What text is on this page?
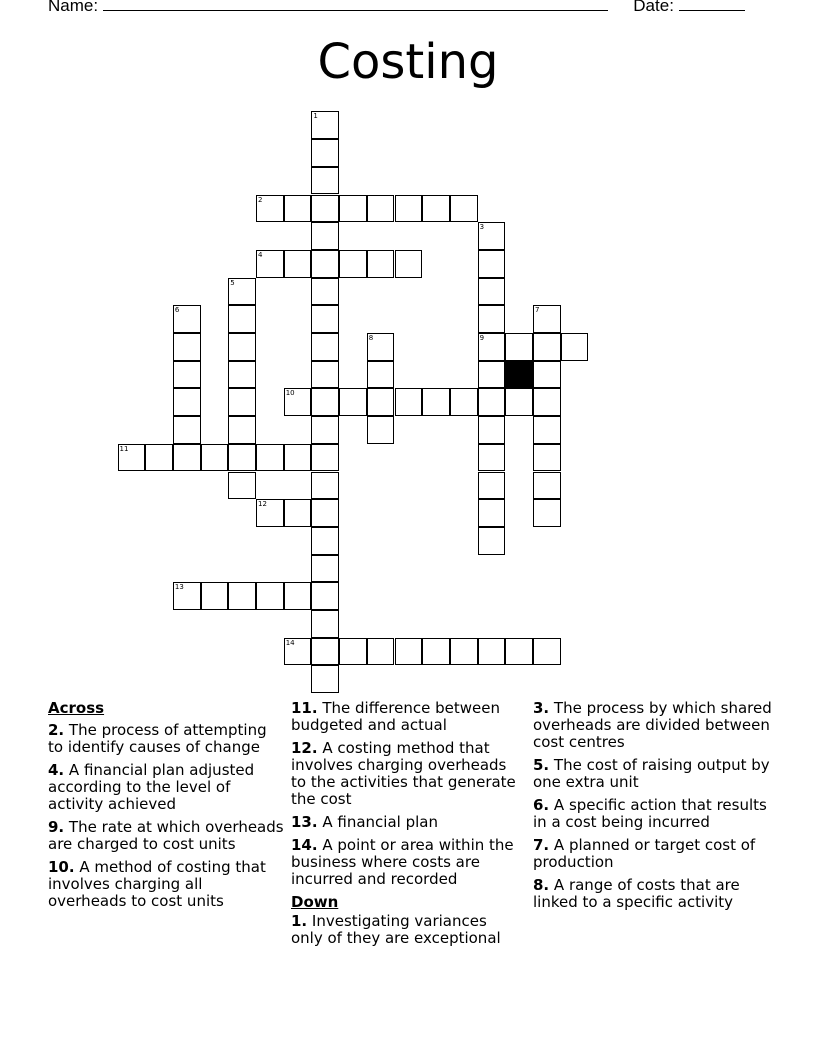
Name:	Date:
Costing
1
2
3
9
4
5
6	7
8
10
11
12
13
14
Across
2. The process of attempting to identify causes of change
4. A financial plan adjusted according to the level of activity achieved
9. The rate at which overheads are charged to cost units
10. A method of costing that involves charging all overheads to cost units
11. The difference between budgeted and actual
12. A costing method that involves charging overheads to the activities that generate the cost
13. A financial plan
14. A point or area within the business where costs are incurred and recorded
Down
1. Investigating variances only of they are exceptional
3. The process by which shared overheads are divided between cost centres
5. The cost of raising output by one extra unit
6. A specific action that results in a cost being incurred
7. A planned or target cost of production
8. A range of costs that are linked to a specific activity
